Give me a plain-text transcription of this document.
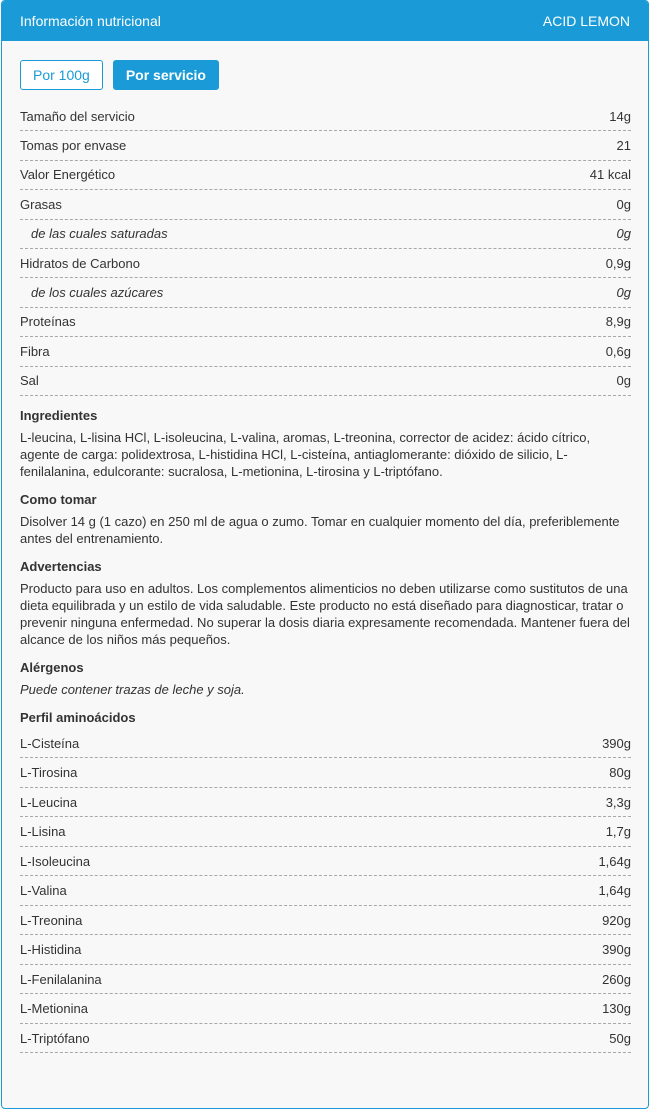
Información nutricional	ACID LEMON
Por 100g	Por servicio
Tamaño del servicio	14g
Tomas por envase	21
Valor Energético	41 kcal
Grasas	0g
de las cuales saturadas	0g
Hidratos de Carbono	0,9g
de los cuales azúcares	0g
Proteínas	8,9g
Fibra	0,6g
Sal	0g
Ingredientes

L-leucina, L-lisina HCl, L-isoleucina, L-valina, aromas, L-treonina, corrector de acidez: ácido cítrico, agente de carga: polidextrosa, L-histidina HCl, L-cisteína, antiaglomerante: dióxido de silicio, L-fenilalanina, edulcorante: sucralosa, L-metionina, L-tirosina y L-triptófano.

Como tomar

Disolver 14 g (1 cazo) en 250 ml de agua o zumo. Tomar en cualquier momento del día, preferiblemente antes del entrenamiento.

Advertencias

Producto para uso en adultos. Los complementos alimenticios no deben utilizarse como sustitutos de una dieta equilibrada y un estilo de vida saludable. Este producto no está diseñado para diagnosticar, tratar o prevenir ninguna enfermedad. No superar la dosis diaria expresamente recomendada. Mantener fuera del alcance de los niños más pequeños.

Alérgenos

Puede contener trazas de leche y soja.

Perfil aminoácidos
L-Cisteína	390g
L-Tirosina	80g
L-Leucina	3,3g
L-Lisina	1,7g
L-Isoleucina	1,64g
L-Valina	1,64g
L-Treonina	920g
L-Histidina	390g
L-Fenilalanina	260g
L-Metionina	130g
L-Triptófano	50g
